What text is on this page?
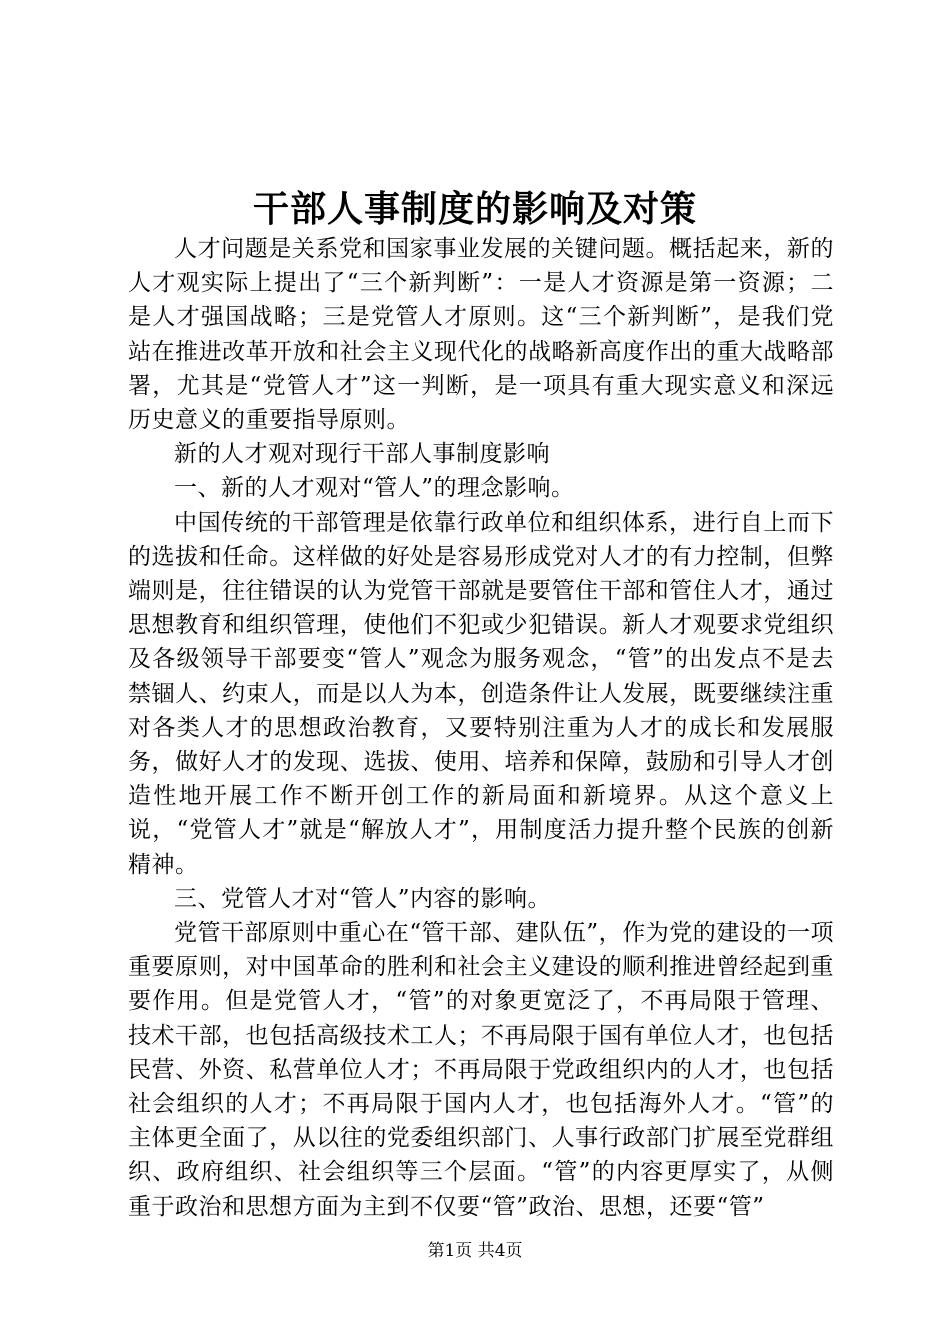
干部人事制度的影响及对策

人才问题是关系党和国家事业发展的关键问题。概括起来，新的人才观实际上提出了“三个新判断”：一是人才资源是第一资源；二是人才强国战略；三是党管人才原则。这“三个新判断”，是我们党站在推进改革开放和社会主义现代化的战略新高度作出的重大战略部署，尤其是“党管人才”这一判断，是一项具有重大现实意义和深远历史意义的重要指导原则。

新的人才观对现行干部人事制度影响

一、新的人才观对“管人”的理念影响。

中国传统的干部管理是依靠行政单位和组织体系，进行自上而下的选拔和任命。这样做的好处是容易形成党对人才的有力控制，但弊端则是，往往错误的认为党管干部就是要管住干部和管住人才，通过思想教育和组织管理，使他们不犯或少犯错误。新人才观要求党组织及各级领导干部要变“管人”观念为服务观念，“管”的出发点不是去禁锢人、约束人，而是以人为本，创造条件让人发展，既要继续注重对各类人才的思想政治教育，又要特别注重为人才的成长和发展服务，做好人才的发现、选拔、使用、培养和保障，鼓励和引导人才创造性地开展工作不断开创工作的新局面和新境界。从这个意义上说，“党管人才”就是“解放人才”，用制度活力提升整个民族的创新精神。

三、党管人才对“管人”内容的影响。

党管干部原则中重心在“管干部、建队伍”，作为党的建设的一项重要原则，对中国革命的胜利和社会主义建设的顺利推进曾经起到重要作用。但是党管人才，“管”的对象更宽泛了，不再局限于管理、技术干部，也包括高级技术工人；不再局限于国有单位人才，也包括民营、外资、私营单位人才；不再局限于党政组织内的人才，也包括社会组织的人才；不再局限于国内人才，也包括海外人才。“管”的主体更全面了，从以往的党委组织部门、人事行政部门扩展至党群组织、政府组织、社会组织等三个层面。“管”的内容更厚实了，从侧重于政治和思想方面为主到不仅要“管”政治、思想，还要“管”

第1页 共4页
